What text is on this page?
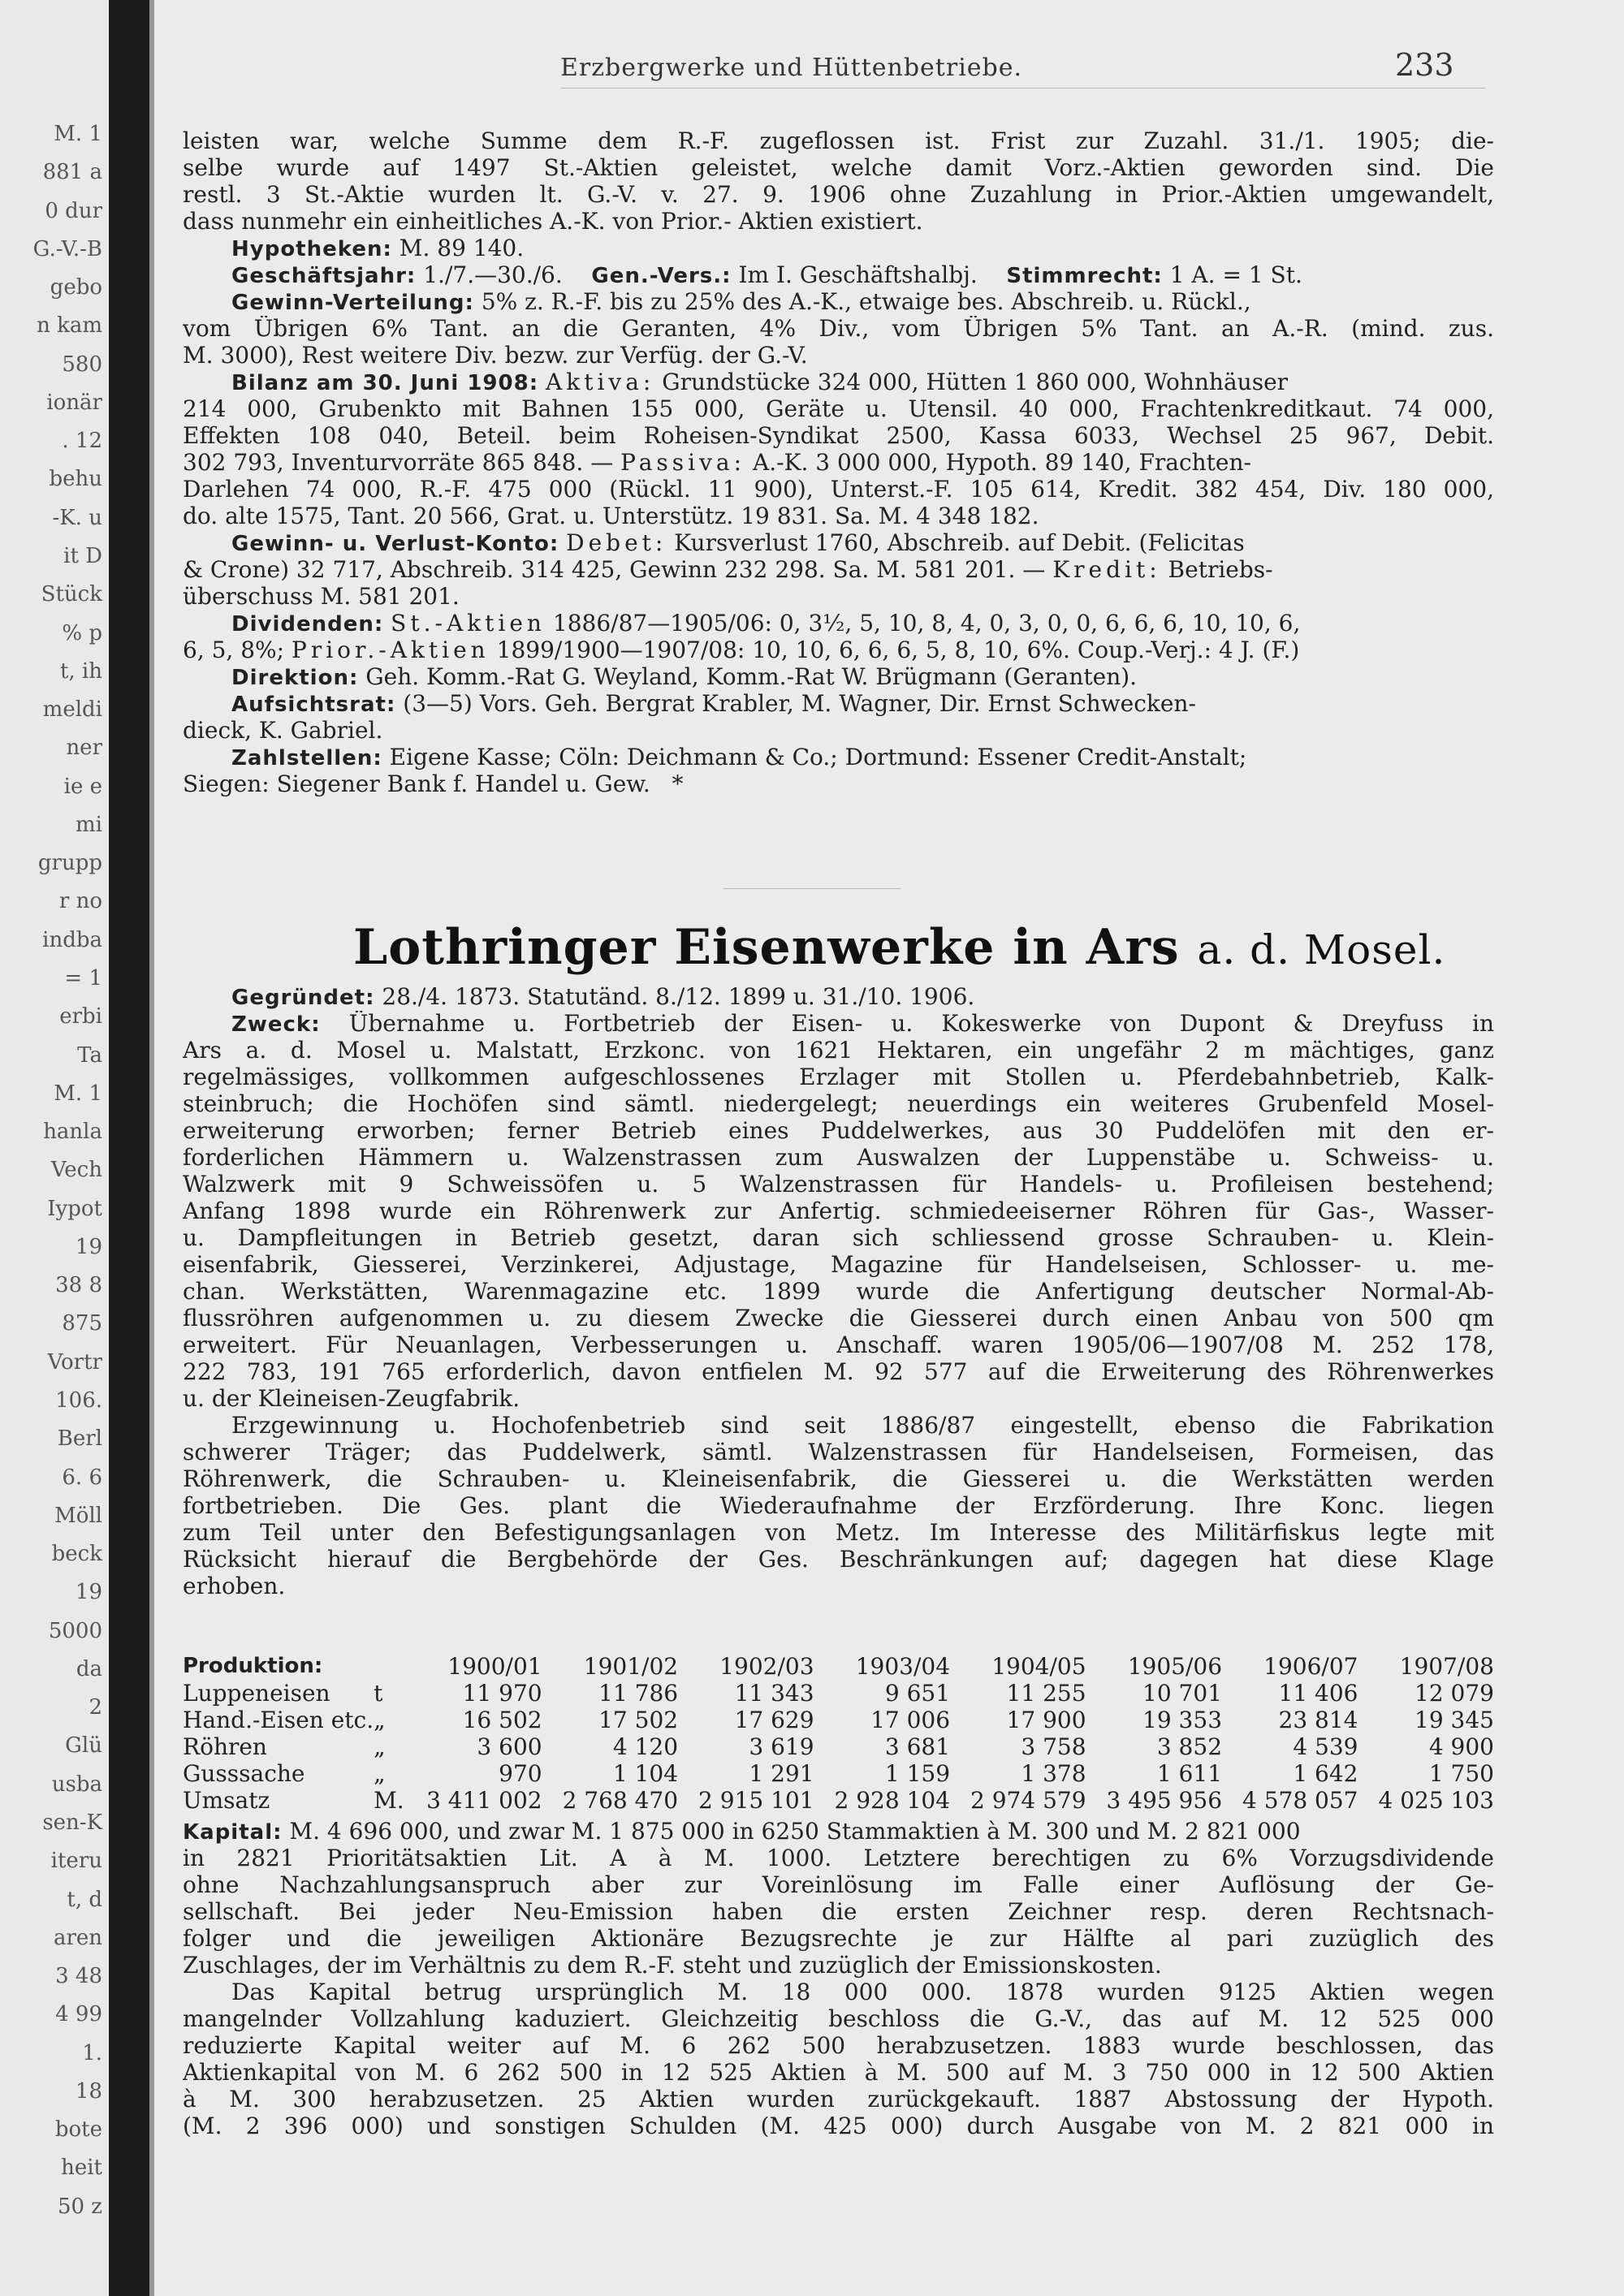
M. 1
881 a
0 dur
G.-V.-B
gebo
n kam
580
ionär
. 12
behu
-K. u
it D
Stück
% p
t, ih
meldi
ner
ie e
mi
grupp
r no
indba
= 1
erbi
Ta
M. 1
hanla
Vech
Iypot
19
38 8
875
Vortr
106.
Berl
6. 6
Möll
beck
19
5000
da
2
Glü
usba
sen-K
iteru
t, d
aren
3 48
4 99
1.
18
bote
heit
50 z
Erzbergwerke und Hüttenbetriebe.	233
leisten war, welche Summe dem R.-F. zugeflossen ist. Frist zur Zuzahl. 31./1. 1905; die-
selbe wurde auf 1497 St.-Aktien geleistet, welche damit Vorz.-Aktien geworden sind. Die
restl. 3 St.-Aktie wurden lt. G.-V. v. 27. 9. 1906 ohne Zuzahlung in Prior.-Aktien umgewandelt,
dass nunmehr ein einheitliches A.-K. von Prior.- Aktien existiert.
Hypotheken: M. 89 140.
Geschäftsjahr: 1./7.—30./6. Gen.-Vers.: Im I. Geschäftshalbj. Stimmrecht: 1 A. = 1 St.
Gewinn-Verteilung: 5% z. R.-F. bis zu 25% des A.-K., etwaige bes. Abschreib. u. Rückl.,
vom Übrigen 6% Tant. an die Geranten, 4% Div., vom Übrigen 5% Tant. an A.-R. (mind. zus.
M. 3000), Rest weitere Div. bezw. zur Verfüg. der G.-V.
Bilanz am 30. Juni 1908: Aktiva: Grundstücke 324 000, Hütten 1 860 000, Wohnhäuser
214 000, Grubenkto mit Bahnen 155 000, Geräte u. Utensil. 40 000, Frachtenkreditkaut. 74 000,
Effekten 108 040, Beteil. beim Roheisen-Syndikat 2500, Kassa 6033, Wechsel 25 967, Debit.
302 793, Inventurvorräte 865 848. — Passiva: A.-K. 3 000 000, Hypoth. 89 140, Frachten-
Darlehen 74 000, R.-F. 475 000 (Rückl. 11 900), Unterst.-F. 105 614, Kredit. 382 454, Div. 180 000,
do. alte 1575, Tant. 20 566, Grat. u. Unterstütz. 19 831. Sa. M. 4 348 182.
Gewinn- u. Verlust-Konto: Debet: Kursverlust 1760, Abschreib. auf Debit. (Felicitas
& Crone) 32 717, Abschreib. 314 425, Gewinn 232 298. Sa. M. 581 201. — Kredit: Betriebs-
überschuss M. 581 201.
Dividenden: St.-Aktien 1886/87—1905/06: 0, 3½, 5, 10, 8, 4, 0, 3, 0, 0, 6, 6, 6, 10, 10, 6,
6, 5, 8%; Prior.-Aktien 1899/1900—1907/08: 10, 10, 6, 6, 6, 5, 8, 10, 6%. Coup.-Verj.: 4 J. (F.)
Direktion: Geh. Komm.-Rat G. Weyland, Komm.-Rat W. Brügmann (Geranten).
Aufsichtsrat: (3—5) Vors. Geh. Bergrat Krabler, M. Wagner, Dir. Ernst Schwecken-
dieck, K. Gabriel.
Zahlstellen: Eigene Kasse; Cöln: Deichmann & Co.; Dortmund: Essener Credit-Anstalt;
Siegen: Siegener Bank f. Handel u. Gew. *
Lothringer Eisenwerke in Ars a. d. Mosel.
Gegründet: 28./4. 1873. Statutänd. 8./12. 1899 u. 31./10. 1906.
Zweck: Übernahme u. Fortbetrieb der Eisen- u. Kokeswerke von Dupont & Dreyfuss in
Produktion:		1900/01	1901/02	1902/03	1903/04	1904/05	1905/06	1906/07	1907/08
Luppeneisen	t	11 970	11 786	11 343	9 651	11 255	10 701	11 406	12 079
Hand.-Eisen etc.	„	16 502	17 502	17 629	17 006	17 900	19 353	23 814	19 345
Röhren	„	3 600	4 120	3 619	3 681	3 758	3 852	4 539	4 900
Gusssache	„	970	1 104	1 291	1 159	1 378	1 611	1 642	1 750
Umsatz	M.	3 411 002	2 768 470	2 915 101	2 928 104	2 974 579	3 495 956	4 578 057	4 025 103
Kapital: M. 4 696 000, und zwar M. 1 875 000 in 6250 Stammaktien à M. 300 und M. 2 821 000
Ars a. d. Mosel u. Malstatt, Erzkonc. von 1621 Hektaren, ein ungefähr 2 m mächtiges, ganz
regelmässiges, vollkommen aufgeschlossenes Erzlager mit Stollen u. Pferdebahnbetrieb, Kalk-
steinbruch; die Hochöfen sind sämtl. niedergelegt; neuerdings ein weiteres Grubenfeld Mosel-
erweiterung erworben; ferner Betrieb eines Puddelwerkes, aus 30 Puddelöfen mit den er-
forderlichen Hämmern u. Walzenstrassen zum Auswalzen der Luppenstäbe u. Schweiss- u.
Walzwerk mit 9 Schweissöfen u. 5 Walzenstrassen für Handels- u. Profileisen bestehend;
Anfang 1898 wurde ein Röhrenwerk zur Anfertig. schmiedeeiserner Röhren für Gas-, Wasser-
u. Dampfleitungen in Betrieb gesetzt, daran sich schliessend grosse Schrauben- u. Klein-
eisenfabrik, Giesserei, Verzinkerei, Adjustage, Magazine für Handelseisen, Schlosser- u. me-
chan. Werkstätten, Warenmagazine etc. 1899 wurde die Anfertigung deutscher Normal-Ab-
flussröhren aufgenommen u. zu diesem Zwecke die Giesserei durch einen Anbau von 500 qm
erweitert. Für Neuanlagen, Verbesserungen u. Anschaff. waren 1905/06—1907/08 M. 252 178,
222 783, 191 765 erforderlich, davon entfielen M. 92 577 auf die Erweiterung des Röhrenwerkes
u. der Kleineisen-Zeugfabrik.
Erzgewinnung u. Hochofenbetrieb sind seit 1886/87 eingestellt, ebenso die Fabrikation
schwerer Träger; das Puddelwerk, sämtl. Walzenstrassen für Handelseisen, Formeisen, das
Röhrenwerk, die Schrauben- u. Kleineisenfabrik, die Giesserei u. die Werkstätten werden
fortbetrieben. Die Ges. plant die Wiederaufnahme der Erzförderung. Ihre Konc. liegen
zum Teil unter den Befestigungsanlagen von Metz. Im Interesse des Militärfiskus legte mit
Rücksicht hierauf die Bergbehörde der Ges. Beschränkungen auf; dagegen hat diese Klage
erhoben.
in 2821 Prioritätsaktien Lit. A à M. 1000. Letztere berechtigen zu 6% Vorzugsdividende
ohne Nachzahlungsanspruch aber zur Voreinlösung im Falle einer Auflösung der Ge-
sellschaft. Bei jeder Neu-Emission haben die ersten Zeichner resp. deren Rechtsnach-
folger und die jeweiligen Aktionäre Bezugsrechte je zur Hälfte al pari zuzüglich des
Zuschlages, der im Verhältnis zu dem R.-F. steht und zuzüglich der Emissionskosten.
Das Kapital betrug ursprünglich M. 18 000 000. 1878 wurden 9125 Aktien wegen
mangelnder Vollzahlung kaduziert. Gleichzeitig beschloss die G.-V., das auf M. 12 525 000
reduzierte Kapital weiter auf M. 6 262 500 herabzusetzen. 1883 wurde beschlossen, das
Aktienkapital von M. 6 262 500 in 12 525 Aktien à M. 500 auf M. 3 750 000 in 12 500 Aktien
à M. 300 herabzusetzen. 25 Aktien wurden zurückgekauft. 1887 Abstossung der Hypoth.
(M. 2 396 000) und sonstigen Schulden (M. 425 000) durch Ausgabe von M. 2 821 000 in
